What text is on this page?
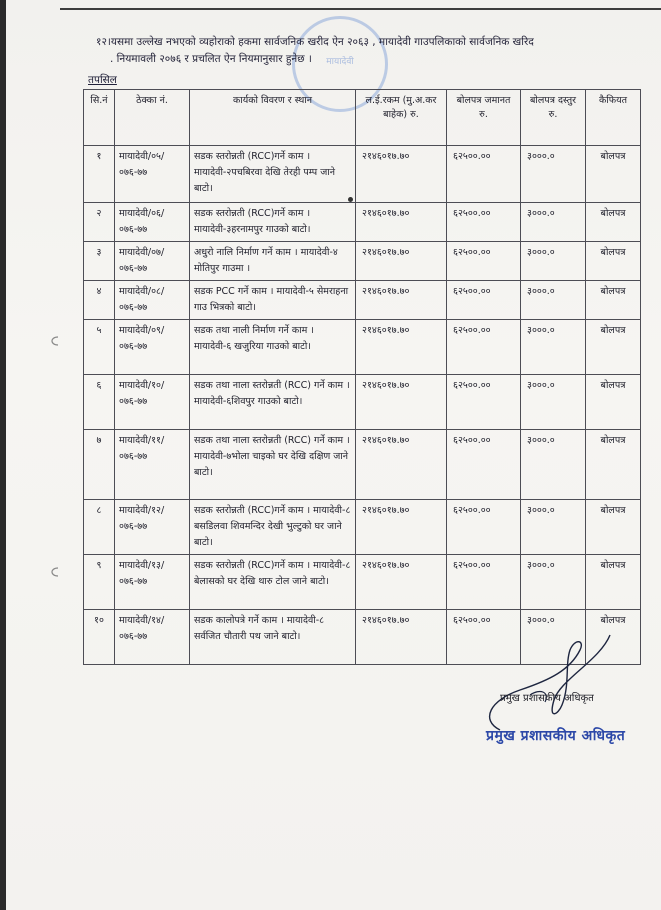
मायादेवी
१२।यसमा उल्लेख नभएको व्यहोराको हकमा सार्वजनिक खरीद ऐन २०६३ , मायादेवी गाउपलिकाको सार्वजनिक खरिद
. नियमावली २०७६ र प्रचलित ऐन नियमानुसार हुनेछ ।
तपसिल
सि.नं	ठेक्का नं.	कार्यको विवरण र स्थान	ल.ई.रकम (मु.अ.कर बाहेक) रु.	बोलपत्र जमानत रु.	बोलपत्र दस्तुर रु.	कैफियत
१	मायादेवी/०५/ ०७६-७७	सडक स्तरोन्नती (RCC)गर्ने काम । मायादेवी-२पचबिरवा देखि तेरही पम्प जाने बाटो।	२१४६०१७.७०	६२५००.००	३०००.०	बोलपत्र
२	मायादेवी/०६/ ०७६-७७	सडक स्तरोन्नती (RCC)गर्ने काम । मायादेवी-३हरनामपुर गाउको बाटो।	२१४६०१७.७०	६२५००.००	३०००.०	बोलपत्र
३	मायादेवी/०७/ ०७६-७७	अधुरो नालि निर्माण गर्ने काम । मायादेवी-४ मोतिपुर गाउमा ।	२१४६०१७.७०	६२५००.००	३०००.०	बोलपत्र
४	मायादेवी/०८/ ०७६-७७	सडक PCC गर्ने काम । मायादेवी-५ सेमराहना गाउ भित्रको बाटो।	२१४६०१७.७०	६२५००.००	३०००.०	बोलपत्र
५	मायादेवी/०९/ ०७६-७७	सडक तथा नाली निर्माण गर्ने काम । मायादेवी-६ खजुरिया गाउको बाटो।	२१४६०१७.७०	६२५००.००	३०००.०	बोलपत्र
६	मायादेवी/१०/ ०७६-७७	सडक तथा नाला स्तरोन्नती (RCC) गर्ने काम । मायादेवी-६शिवपुर गाउको बाटो।	२१४६०१७.७०	६२५००.००	३०००.०	बोलपत्र
७	मायादेवी/११/ ०७६-७७	सडक तथा नाला स्तरोन्नती (RCC) गर्ने काम । मायादेवी-७भोला चाइको घर देखि दक्षिण जाने बाटो।	२१४६०१७.७०	६२५००.००	३०००.०	बोलपत्र
८	मायादेवी/१२/ ०७६-७७	सडक स्तरोन्नती (RCC)गर्ने काम । मायादेवी-८ बसडिलवा शिवमन्दिर देखी भुल्टुको घर जाने बाटो।	२१४६०१७.७०	६२५००.००	३०००.०	बोलपत्र
९	मायादेवी/१३/ ०७६-७७	सडक स्तरोन्नती (RCC)गर्ने काम । मायादेवी-८ बेलासको घर देखि थारु टोल जाने बाटो।	२१४६०१७.७०	६२५००.००	३०००.०	बोलपत्र
१०	मायादेवी/१४/ ०७६-७७	सडक कालोपत्रे गर्ने काम । मायादेवी-८ सर्वजित चौतारी पथ जाने बाटो।	२१४६०१७.७०	६२५००.००	३०००.०	बोलपत्र
प्रमुख प्रशासकीय अधिकृत
प्रमुख प्रशासकीय अधिकृत
